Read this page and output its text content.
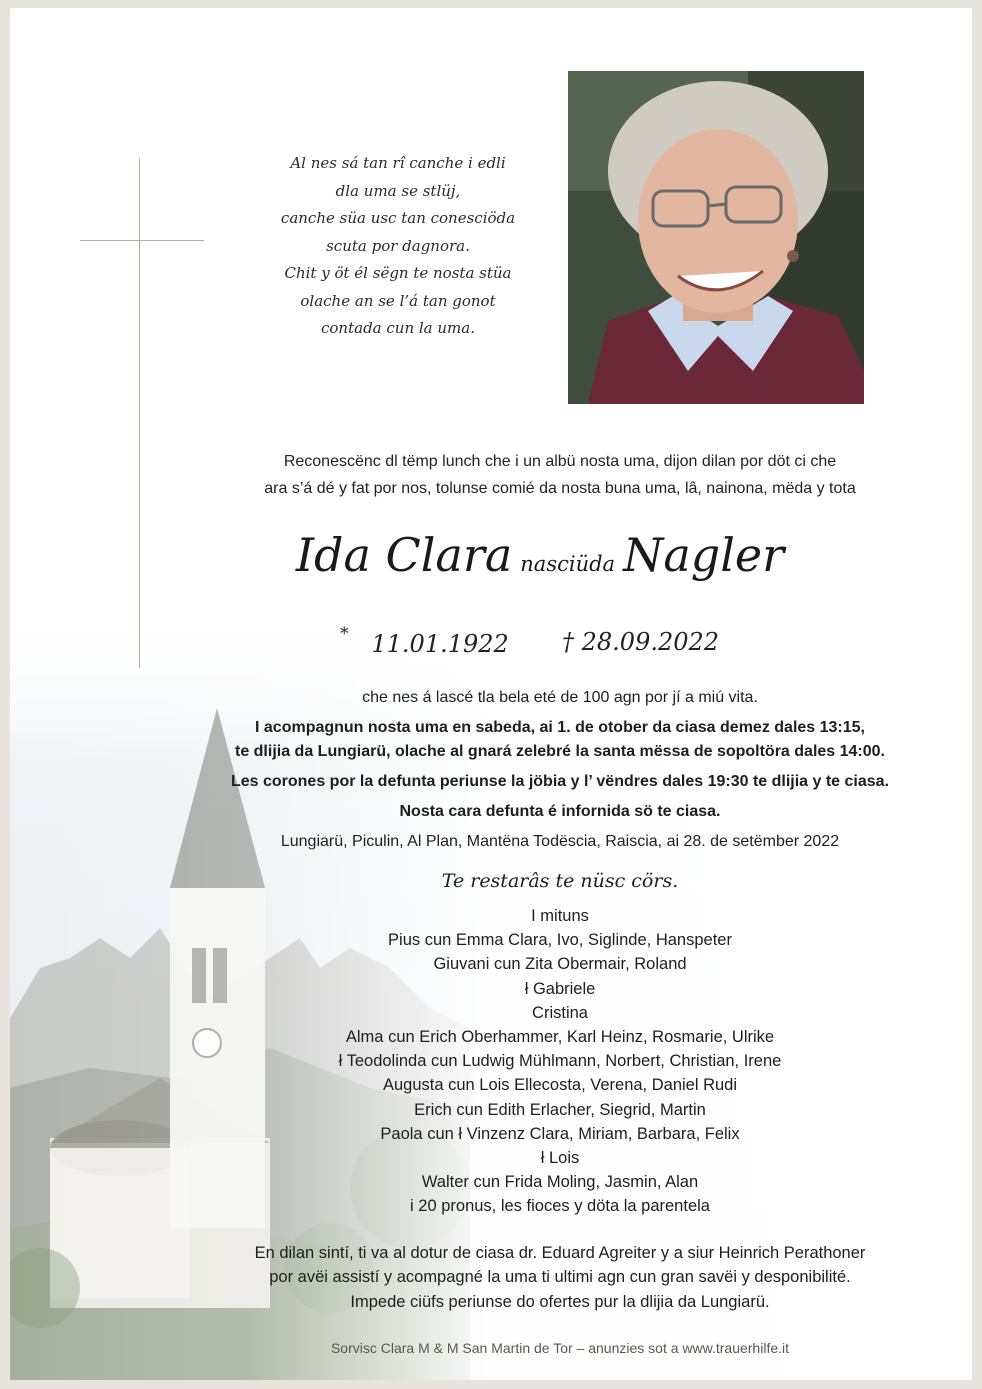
Al nes sá tan rî canche i edli
dla uma se stlüj,
canche süa usc tan conesciöda
scuta por dagnora.
Chit y öt él sëgn te nosta stüa
olache an se l’á tan gonot
contada cun la uma.
Reconescënc dl tëmp lunch che i un albü nosta uma, dijon dilan por döt ci che
ara s’á dé y fat por nos, tolunse comié da nosta buna uma, lâ, nainona, mëda y tota
Ida Clara nasciüda Nagler
* 11.01.1922 † 28.09.2022
che nes á lascé tla bela eté de 100 agn por jí a miú vita.
I acompagnun nosta uma en sabeda, ai 1. de otober da ciasa demez dales 13:15,
te dlijia da Lungiarü, olache al gnará zelebré la santa mëssa de sopoltöra dales 14:00.
Les corones por la defunta periunse la jöbia y l’ vëndres dales 19:30 te dlijia y te ciasa.
Nosta cara defunta é infornida sö te ciasa.
Lungiarü, Piculin, Al Plan, Mantëna Todëscia, Raiscia, ai 28. de setëmber 2022
Te restarâs te nüsc cörs.
I mituns
Pius cun Emma Clara, Ivo, Siglinde, Hanspeter
Giuvani cun Zita Obermair, Roland
ł Gabriele
Cristina
Alma cun Erich Oberhammer, Karl Heinz, Rosmarie, Ulrike
ł Teodolinda cun Ludwig Mühlmann, Norbert, Christian, Irene
Augusta cun Lois Ellecosta, Verena, Daniel Rudi
Erich cun Edith Erlacher, Siegrid, Martin
Paola cun ł Vinzenz Clara, Miriam, Barbara, Felix
ł Lois
Walter cun Frida Moling, Jasmin, Alan
i 20 pronus, les fioces y döta la parentela
En dilan sintí, ti va al dotur de ciasa dr. Eduard Agreiter y a siur Heinrich Perathoner
por avëi assistí y acompagné la uma ti ultimi agn cun gran savëi y desponibilité.
Impede ciüfs periunse do ofertes pur la dlijia da Lungiarü.
Sorvisc Clara M & M San Martin de Tor – anunzies sot a www.trauerhilfe.it
